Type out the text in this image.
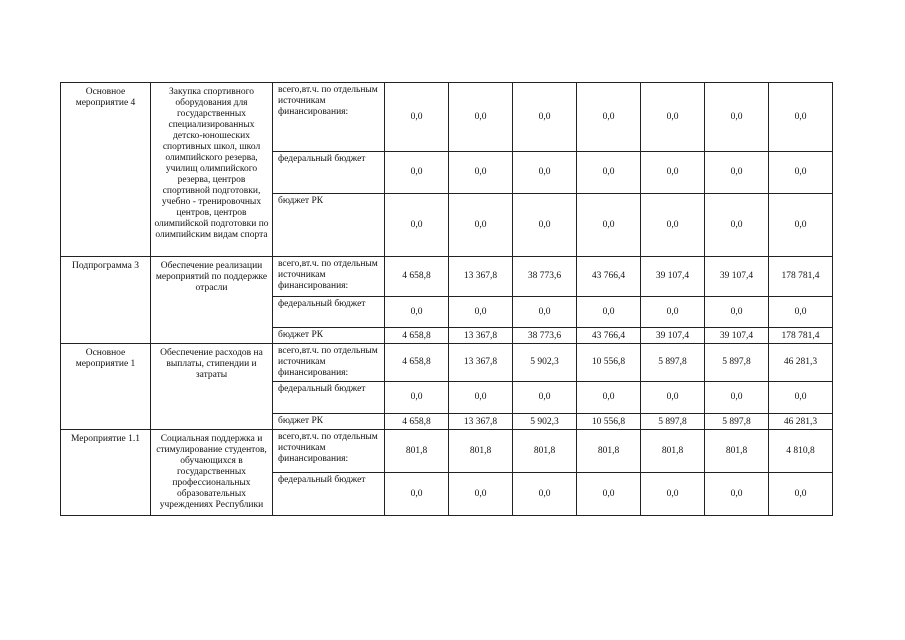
Основное мероприятие 4	Закупка спортивного оборудования для государственных специализированных детско-юношеских спортивных школ, школ олимпийского резерва, училищ олимпийского резерва, центров спортивной подготовки, учебно - тренировочных центров, центров олимпийской подготовки по олимпийским видам спорта	всего,вт.ч. по отдельным источникам финансирования:	0,0	0,0	0,0	0,0	0,0	0,0	0,0
		федеральный бюджет	0,0	0,0	0,0	0,0	0,0	0,0	0,0
		бюджет РК	0,0	0,0	0,0	0,0	0,0	0,0	0,0
Подпрограмма 3	Обеспечение реализации мероприятий по поддержке отрасли	всего,вт.ч. по отдельным источникам финансирования:	4 658,8	13 367,8	38 773,6	43 766,4	39 107,4	39 107,4	178 781,4
		федеральный бюджет	0,0	0,0	0,0	0,0	0,0	0,0	0,0
		бюджет РК	4 658,8	13 367,8	38 773,6	43 766,4	39 107,4	39 107,4	178 781,4
Основное мероприятие 1	Обеспечение расходов на выплаты, стипендии и затраты	всего,вт.ч. по отдельным источникам финансирования:	4 658,8	13 367,8	5 902,3	10 556,8	5 897,8	5 897,8	46 281,3
		федеральный бюджет	0,0	0,0	0,0	0,0	0,0	0,0	0,0
		бюджет РК	4 658,8	13 367,8	5 902,3	10 556,8	5 897,8	5 897,8	46 281,3
Мероприятие 1.1	Социальная поддержка и стимулирование студентов, обучающихся в государственных профессиональных образовательных учреждениях Республики	всего,вт.ч. по отдельным источникам финансирования:	801,8	801,8	801,8	801,8	801,8	801,8	4 810,8
		федеральный бюджет	0,0	0,0	0,0	0,0	0,0	0,0	0,0
